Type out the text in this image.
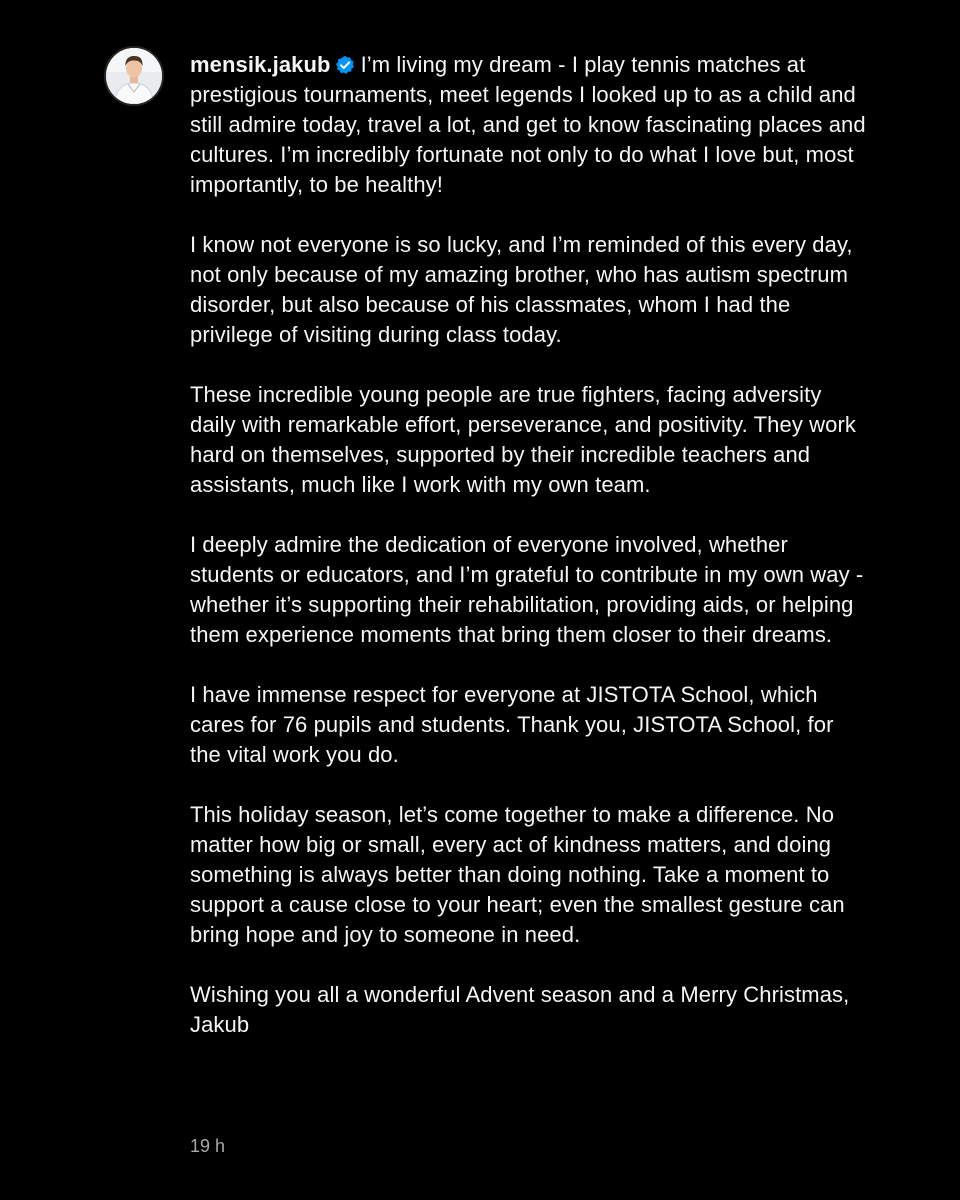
mensik.jakub I’m living my dream - I play tennis matches at prestigious tournaments, meet legends I looked up to as a child and still admire today, travel a lot, and get to know fascinating places and cultures. I’m incredibly fortunate not only to do what I love but, most importantly, to be healthy!

I know not everyone is so lucky, and I’m reminded of this every day, not only because of my amazing brother, who has autism spectrum disorder, but also because of his classmates, whom I had the privilege of visiting during class today.

These incredible young people are true fighters, facing adversity daily with remarkable effort, perseverance, and positivity. They work hard on themselves, supported by their incredible teachers and assistants, much like I work with my own team.

I deeply admire the dedication of everyone involved, whether students or educators, and I’m grateful to contribute in my own way - whether it’s supporting their rehabilitation, providing aids, or helping them experience moments that bring them closer to their dreams.

I have immense respect for everyone at JISTOTA School, which cares for 76 pupils and students. Thank you, JISTOTA School, for the vital work you do.

This holiday season, let’s come together to make a difference. No matter how big or small, every act of kindness matters, and doing something is always better than doing nothing. Take a moment to support a cause close to your heart; even the smallest gesture can bring hope and joy to someone in need.

Wishing you all a wonderful Advent season and a Merry Christmas,
Jakub

19 h
